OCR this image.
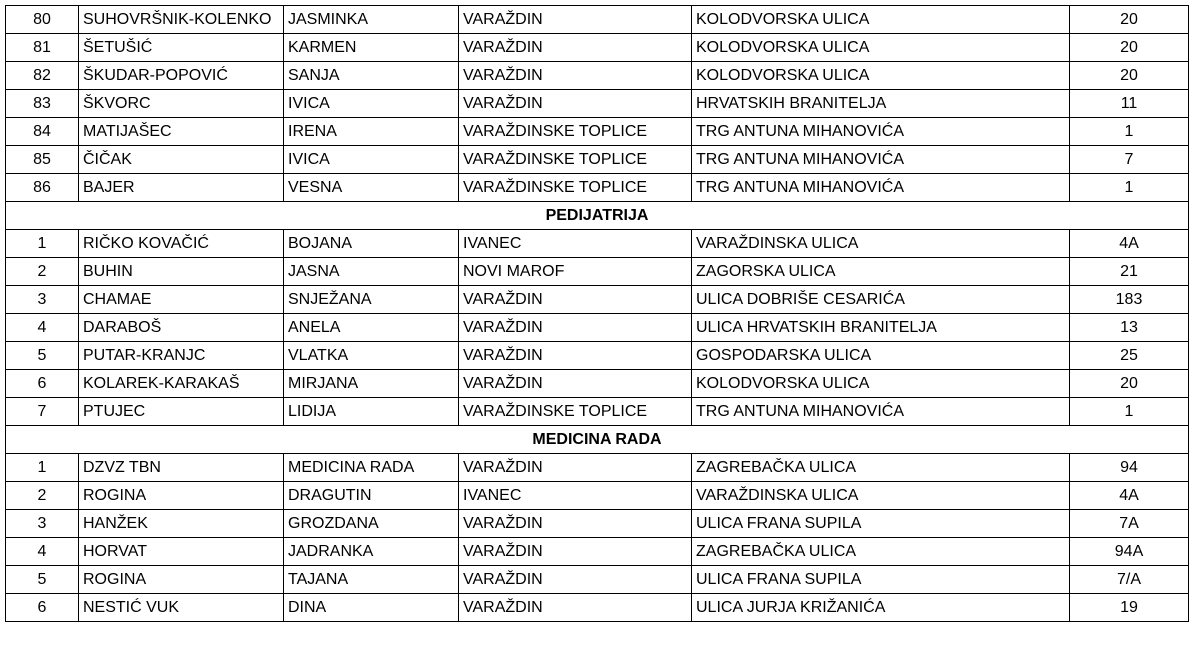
80	SUHOVRŠNIK-KOLENKO	JASMINKA	VARAŽDIN	KOLODVORSKA ULICA	20
81	ŠETUŠIĆ	KARMEN	VARAŽDIN	KOLODVORSKA ULICA	20
82	ŠKUDAR-POPOVIĆ	SANJA	VARAŽDIN	KOLODVORSKA ULICA	20
83	ŠKVORC	IVICA	VARAŽDIN	HRVATSKIH BRANITELJA	11
84	MATIJAŠEC	IRENA	VARAŽDINSKE TOPLICE	TRG ANTUNA MIHANOVIĆA	1
85	ČIČAK	IVICA	VARAŽDINSKE TOPLICE	TRG ANTUNA MIHANOVIĆA	7
86	BAJER	VESNA	VARAŽDINSKE TOPLICE	TRG ANTUNA MIHANOVIĆA	1
PEDIJATRIJA					
1	RIČKO KOVAČIĆ	BOJANA	IVANEC	VARAŽDINSKA ULICA	4A
2	BUHIN	JASNA	NOVI MAROF	ZAGORSKA ULICA	21
3	CHAMAE	SNJEŽANA	VARAŽDIN	ULICA DOBRIŠE CESARIĆA	183
4	DARABOŠ	ANELA	VARAŽDIN	ULICA HRVATSKIH BRANITELJA	13
5	PUTAR-KRANJC	VLATKA	VARAŽDIN	GOSPODARSKA ULICA	25
6	KOLAREK-KARAKAŠ	MIRJANA	VARAŽDIN	KOLODVORSKA ULICA	20
7	PTUJEC	LIDIJA	VARAŽDINSKE TOPLICE	TRG ANTUNA MIHANOVIĆA	1
MEDICINA RADA					
1	DZVZ TBN	MEDICINA RADA	VARAŽDIN	ZAGREBAČKA ULICA	94
2	ROGINA	DRAGUTIN	IVANEC	VARAŽDINSKA ULICA	4A
3	HANŽEK	GROZDANA	VARAŽDIN	ULICA FRANA SUPILA	7A
4	HORVAT	JADRANKA	VARAŽDIN	ZAGREBAČKA ULICA	94A
5	ROGINA	TAJANA	VARAŽDIN	ULICA FRANA SUPILA	7/A
6	NESTIĆ VUK	DINA	VARAŽDIN	ULICA JURJA KRIŽANIĆA	19
